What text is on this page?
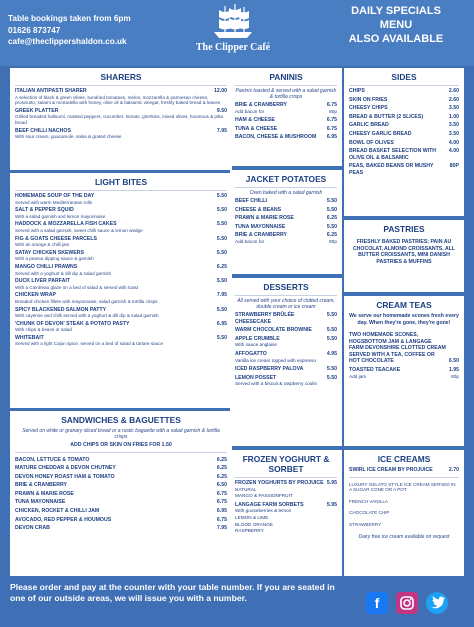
Table bookings taken from 6pm
01626 873747
cafe@theclippershaldon.co.uk
The Clipper Café
DAILY SPECIALS
MENU
ALSO AVAILABLE
SHARERS
ITALIAN ANTIPASTI SHARER	12.00
A selection of black & green olives, sundried tomatoes, melon, mozzarella & parmesan cheese, prosciutto, salami & mortadella with honey, olive oil & balsamic vinegar, freshly baked bread & leaves
GREEK PLATTER	9.50
Grilled breaded halloumi, roasted peppers, cucumber, tomato, gherkins, mixed olives, houmous & pitta bread
BEEF CHILLI NACHOS	7.95
With sour cream, guacamole, salsa & grated cheese
LIGHT BITES
HOMEMADE SOUP OF THE DAY	5.50
Served with warm Mediterranean rolls
SALT & PEPPER SQUID	5.50
With a salad garnish and lemon mayonnaise
HADDOCK & MOZZARELLA FISH CAKES	5.50
Served with a salad garnish, sweet chilli sauce & lemon wedge
FIG & GOATS CHEESE PARCELS	5.50
With an orange & chilli jam
SATAY CHICKEN SKEWERS	5.50
With a peanut dipping sauce & garnish
MANGO CHILLI PRAWNS	6.25
Served with a yoghurt & dill dip & salad garnish
DUCK LIVER PARFAIT	5.50
With a Cointreau glaze on a bed of salad & served with toast
CHICKEN WRAP	7.95
Breaded chicken fillets with mayonnaise, salad garnish & tortilla crisps
SPICY BLACKENED SALMON PATTY	5.50
With cayenne and chilli served with a yoghurt & dill dip & salad garnish
'CHUNK OF DEVON' STEAK & POTATO PASTY	6.95
With chips & beans or salad
WHITEBAIT	5.50
Served with a light Cajun spice, served on a bed of salad & tartare sauce
SANDWICHES & BAGUETTES
Served on white or granary sliced bread or a rustic baguette with a salad garnish & tortilla crisps
ADD CHIPS OR SKIN ON FRIES FOR 1.50
BACON, LETTUCE & TOMATO	6.25
MATURE CHEDDAR & DEVON CHUTNEY	6.25
DEVON HONEY ROAST HAM & TOMATO	6.25
BRIE & CRANBERRY	6.50
PRAWN & MARIE ROSE	6.75
TUNA MAYONNAISE	6.75
CHICKEN, ROCKET & CHILLI JAM	6.95
AVOCADO, RED PEPPER & HOUMOUS	6.75
DEVON CRAB	7.95
PANINIS
Paninis toasted & served with a salad garnish & tortilla crisps
BRIE & CRANBERRY	6.75
Add bacon for	80p
HAM & CHEESE	6.75
TUNA & CHEESE	6.75
BACON, CHEESE & MUSHROOM 6.95
JACKET POTATOES
Oven baked with a salad garnish
BEEF CHILLI	5.50
CHEESE & BEANS	5.50
PRAWN & MARIE ROSE	6.25
TUNA MAYONNAISE	5.50
BRIE & CRANBERRY	6.25
Add bacon for	80p
DESSERTS
All served with your choice of clotted cream, double cream or ice cream
STRAWBERRY BRÛLÉE CHEESECAKE
5.50
WARM CHOCOLATE BROWNIE	5.50
APPLE CRUMBLE	5.50
With sauce anglaise
AFFOGATTO	4.95
Vanilla ice cream topped with espresso
ICED RASPBERRY PALOVA	5.50
LEMON POSSET	5.50
Served with a biscuit & raspberry coulis
FROZEN YOGHURT & SORBET
FROZEN YOGHURTS BY PROJUICE 5.95
NATURAL
MANGO & PASSIONFRUIT
LANGAGE FARM SORBETS	5.95
With gooseberries & lemon
LEMON & LIME
BLOOD ORANGE
RASPBERRY
SIDES
CHIPS	2.60
SKIN ON FRIES	2.60
CHEESY CHIPS	3.50
BREAD & BUTTER (2 SLICES)	1.00
GARLIC BREAD	3.50
CHEESY GARLIC BREAD	3.50
BOWL OF OLIVES	4.00
BREAD BASKET SELECTION WITH OLIVE OIL & BALSAMIC
4.00
PEAS, BAKED BEANS OR MUSHY PEAS
80P
PASTRIES
FRESHLY BAKED PASTRIES; PAIN AU CHOCOLAT, ALMOND CROISSANTS, ALL BUTTER CROISSANTS, MINI DANISH PASTRIES & MUFFINS
CREAM TEAS
We serve our homemade scones fresh every day. When they're gone, they're gone!
TWO HOMEMADE SCONES, HOGSBOTTOM JAM & LANGAGE FARM DEVONSHIRE CLOTTED CREAM SERVED WITH A TEA, COFFEE OR HOT CHOCOLATE	6.50
TOASTED TEACAKE	1.95
Add jam	80p
ICE CREAMS
SWIRL ICE CREAM BY PROJUICE	2.70
LUXURY GELATO STYLE ICE CREAM SERVED IN A SUGAR CONE OR A POT
FRENCH VANILLA
CHOCOLATE CHIP
STRAWBERRY
Dairy free ice cream available on request
Please order and pay at the counter with your table number. If you are seated in one of our outside areas, we will issue you with a number.	f
